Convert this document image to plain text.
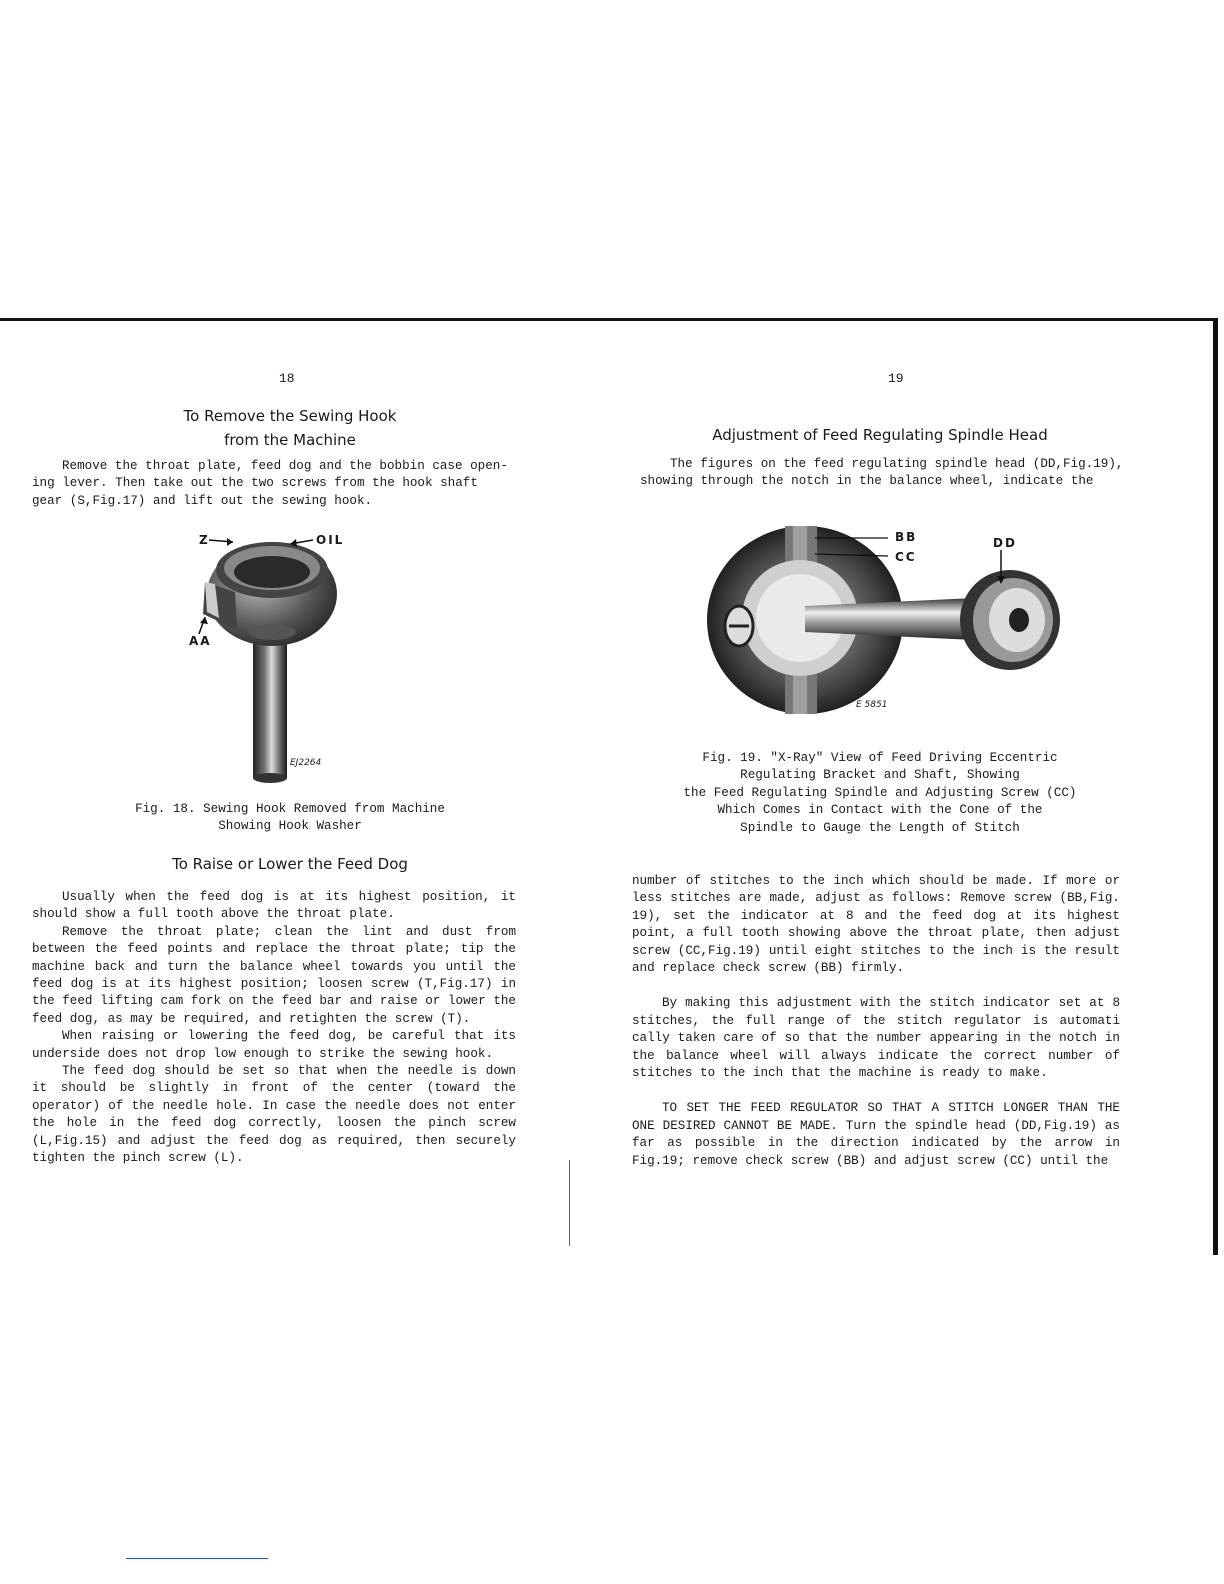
18
To Remove the Sewing Hook
from the Machine
Remove the throat plate, feed dog and the bobbin case open-
ing lever. Then take out the two screws from the hook shaft
gear (S,Fig.17) and lift out the sewing hook.
Z	OIL
AA
EJ2264
Fig. 18. Sewing Hook Removed from Machine
Showing Hook Washer
To Raise or Lower the Feed Dog

Usually when the feed dog is at its highest position, it should show a full tooth above the throat plate.

Remove the throat plate; clean the lint and dust from between the feed points and replace the throat plate; tip the machine back and turn the balance wheel towards you until the feed dog is at its highest position; loosen screw (T,Fig.17) in the feed lifting cam fork on the feed bar and raise or lower the feed dog, as may be required, and retighten the screw (T).

When raising or lowering the feed dog, be careful that its underside does not drop low enough to strike the sewing hook.

The feed dog should be set so that when the needle is down it should be slightly in front of the center (toward the operator) of the needle hole. In case the needle does not enter the hole in the feed dog correctly, loosen the pinch screw (L,Fig.15) and adjust the feed dog as required, then securely tighten the pinch screw (L).

19
Adjustment of Feed Regulating Spindle Head
The figures on the feed regulating spindle head (DD,Fig.19),
showing through the notch in the balance wheel, indicate the
BB
CC
DD
E 5851
Fig. 19. "X-Ray" View of Feed Driving Eccentric
Regulating Bracket and Shaft, Showing
the Feed Regulating Spindle and Adjusting Screw (CC)
Which Comes in Contact with the Cone of the
Spindle to Gauge the Length of Stitch

number of stitches to the inch which should be made. If more or less stitches are made, adjust as follows: Remove screw (BB,Fig. 19), set the indicator at 8 and the feed dog at its highest point, a full tooth showing above the throat plate, then adjust screw (CC,Fig.19) until eight stitches to the inch is the result and replace check screw (BB) firmly.

By making this adjustment with the stitch indicator set at 8 stitches, the full range of the stitch regulator is automati cally taken care of so that the number appearing in the notch in the balance wheel will always indicate the correct number of stitches to the inch that the machine is ready to make.

TO SET THE FEED REGULATOR SO THAT A STITCH LONGER THAN THE ONE DESIRED CANNOT BE MADE. Turn the spindle head (DD,Fig.19) as far as possible in the direction indicated by the arrow in Fig.19; remove check screw (BB) and adjust screw (CC) until the
